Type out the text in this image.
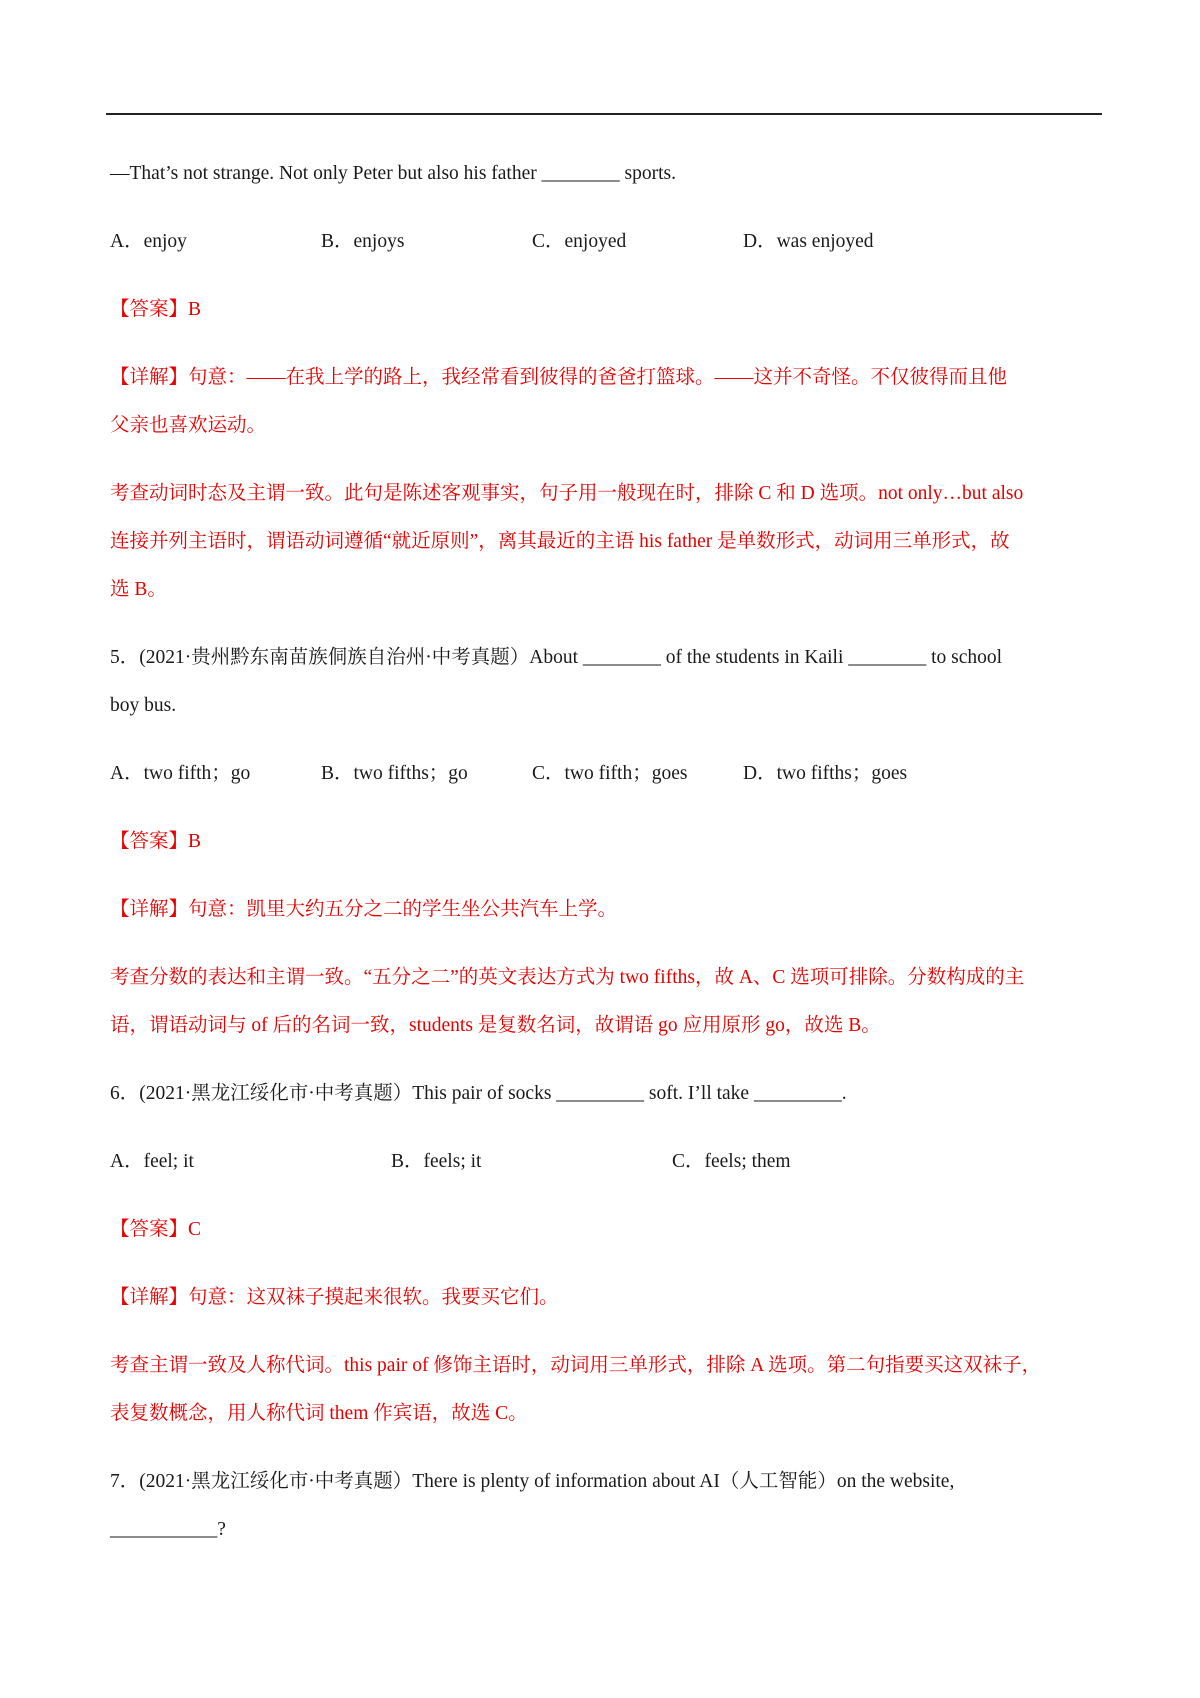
—That’s not strange. Not only Peter but also his father ________ sports.
A．enjoy	B．enjoys	C．enjoyed	D．was enjoyed
【答案】B
【详解】句意：——在我上学的路上，我经常看到彼得的爸爸打篮球。——这并不奇怪。不仅彼得而且他
父亲也喜欢运动。
考查动词时态及主谓一致。此句是陈述客观事实，句子用一般现在时，排除 C 和 D 选项。not only…but also
连接并列主语时，谓语动词遵循“就近原则”，离其最近的主语 his father 是单数形式，动词用三单形式，故
选 B。
5．(2021·贵州黔东南苗族侗族自治州·中考真题）About ________ of the students in Kaili ________ to school
boy bus.
A．two fifth；go	B．two fifths；go	C．two fifth；goes	D．two fifths；goes
【答案】B
【详解】句意：凯里大约五分之二的学生坐公共汽车上学。
考查分数的表达和主谓一致。“五分之二”的英文表达方式为 two fifths，故 A、C 选项可排除。分数构成的主
语，谓语动词与 of 后的名词一致，students 是复数名词，故谓语 go 应用原形 go，故选 B。
6．(2021·黑龙江绥化市·中考真题）This pair of socks _________ soft. I’ll take _________.
A．feel; it	B．feels; it	C．feels; them
【答案】C
【详解】句意：这双袜子摸起来很软。我要买它们。
考查主谓一致及人称代词。this pair of 修饰主语时，动词用三单形式，排除 A 选项。第二句指要买这双袜子，
表复数概念，用人称代词 them 作宾语，故选 C。
7．(2021·黑龙江绥化市·中考真题）There is plenty of information about AI（人工智能）on the website,
___________?
